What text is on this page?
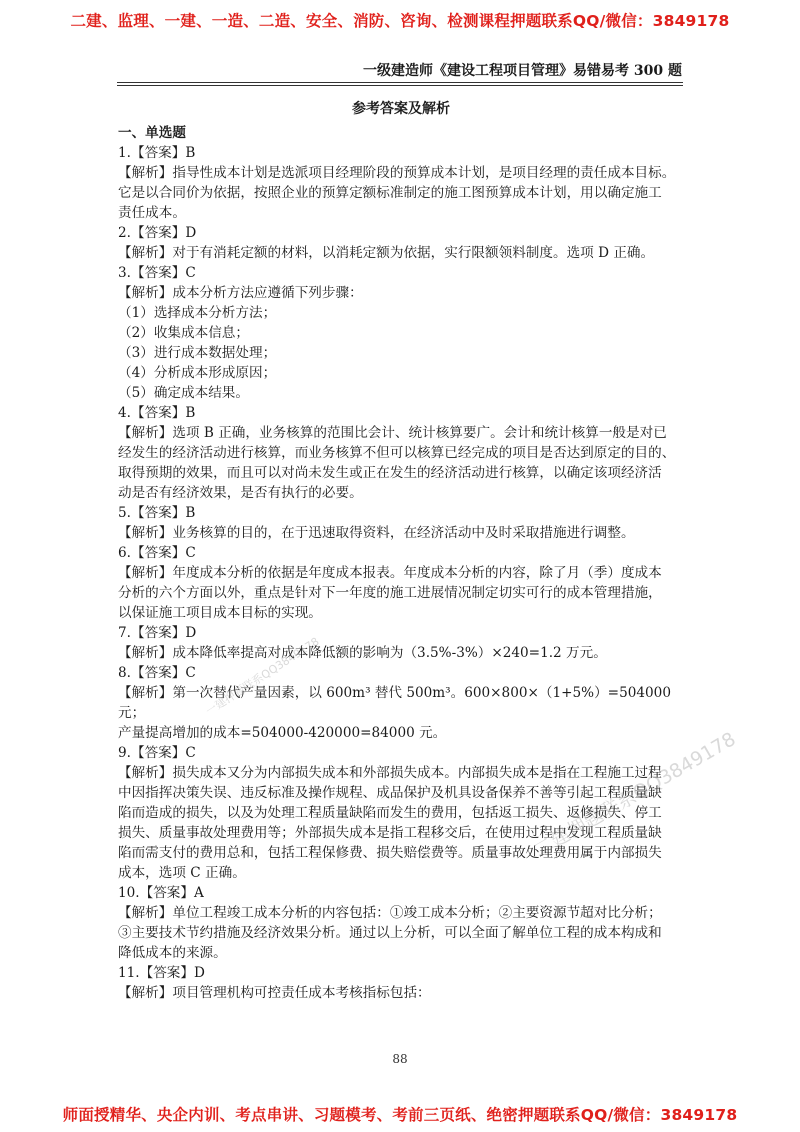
二建、监理、一建、一造、二造、安全、消防、咨询、检测课程押题联系QQ/微信：3849178
一级建造师《建设工程项目管理》易错易考 300 题
参考答案及解析
一、单选题
1.【答案】B
【解析】指导性成本计划是选派项目经理阶段的预算成本计划，是项目经理的责任成本目标。
它是以合同价为依据，按照企业的预算定额标准制定的施工图预算成本计划，用以确定施工
责任成本。
2.【答案】D
【解析】对于有消耗定额的材料，以消耗定额为依据，实行限额领料制度。选项 D 正确。
3.【答案】C
【解析】成本分析方法应遵循下列步骤：
（1）选择成本分析方法；
（2）收集成本信息；
（3）进行成本数据处理；
（4）分析成本形成原因；
（5）确定成本结果。
4.【答案】B
【解析】选项 B 正确，业务核算的范围比会计、统计核算要广。会计和统计核算一般是对已
经发生的经济活动进行核算，而业务核算不但可以核算已经完成的项目是否达到原定的目的、
取得预期的效果，而且可以对尚未发生或正在发生的经济活动进行核算，以确定该项经济活
动是否有经济效果，是否有执行的必要。
5.【答案】B
【解析】业务核算的目的，在于迅速取得资料，在经济活动中及时采取措施进行调整。
6.【答案】C
【解析】年度成本分析的依据是年度成本报表。年度成本分析的内容，除了月（季）度成本
分析的六个方面以外，重点是针对下一年度的施工进展情况制定切实可行的成本管理措施，
以保证施工项目成本目标的实现。
7.【答案】D
【解析】成本降低率提高对成本降低额的影响为（3.5%-3%）×240=1.2 万元。
8.【答案】C
【解析】第一次替代产量因素，以 600m³ 替代 500m³。600×800×（1+5%）=504000 元；
产量提高增加的成本=504000-420000=84000 元。
9.【答案】C
【解析】损失成本又分为内部损失成本和外部损失成本。内部损失成本是指在工程施工过程
中因指挥决策失误、违反标准及操作规程、成品保护及机具设备保养不善等引起工程质量缺
陷而造成的损失，以及为处理工程质量缺陷而发生的费用，包括返工损失、返修损失、停工
损失、质量事故处理费用等；外部损失成本是指工程移交后，在使用过程中发现工程质量缺
陷而需支付的费用总和，包括工程保修费、损失赔偿费等。质量事故处理费用属于内部损失
成本，选项 C 正确。
10.【答案】A
【解析】单位工程竣工成本分析的内容包括：①竣工成本分析；②主要资源节超对比分析；
③主要技术节约措施及经济效果分析。通过以上分析，可以全面了解单位工程的成本构成和
降低成本的来源。
11.【答案】D
【解析】项目管理机构可控责任成本考核指标包括：
88
一建押题联系QQ3849178
二建押题联系QQ3849178
师面授精华、央企内训、考点串讲、习题模考、考前三页纸、绝密押题联系QQ/微信：3849178
